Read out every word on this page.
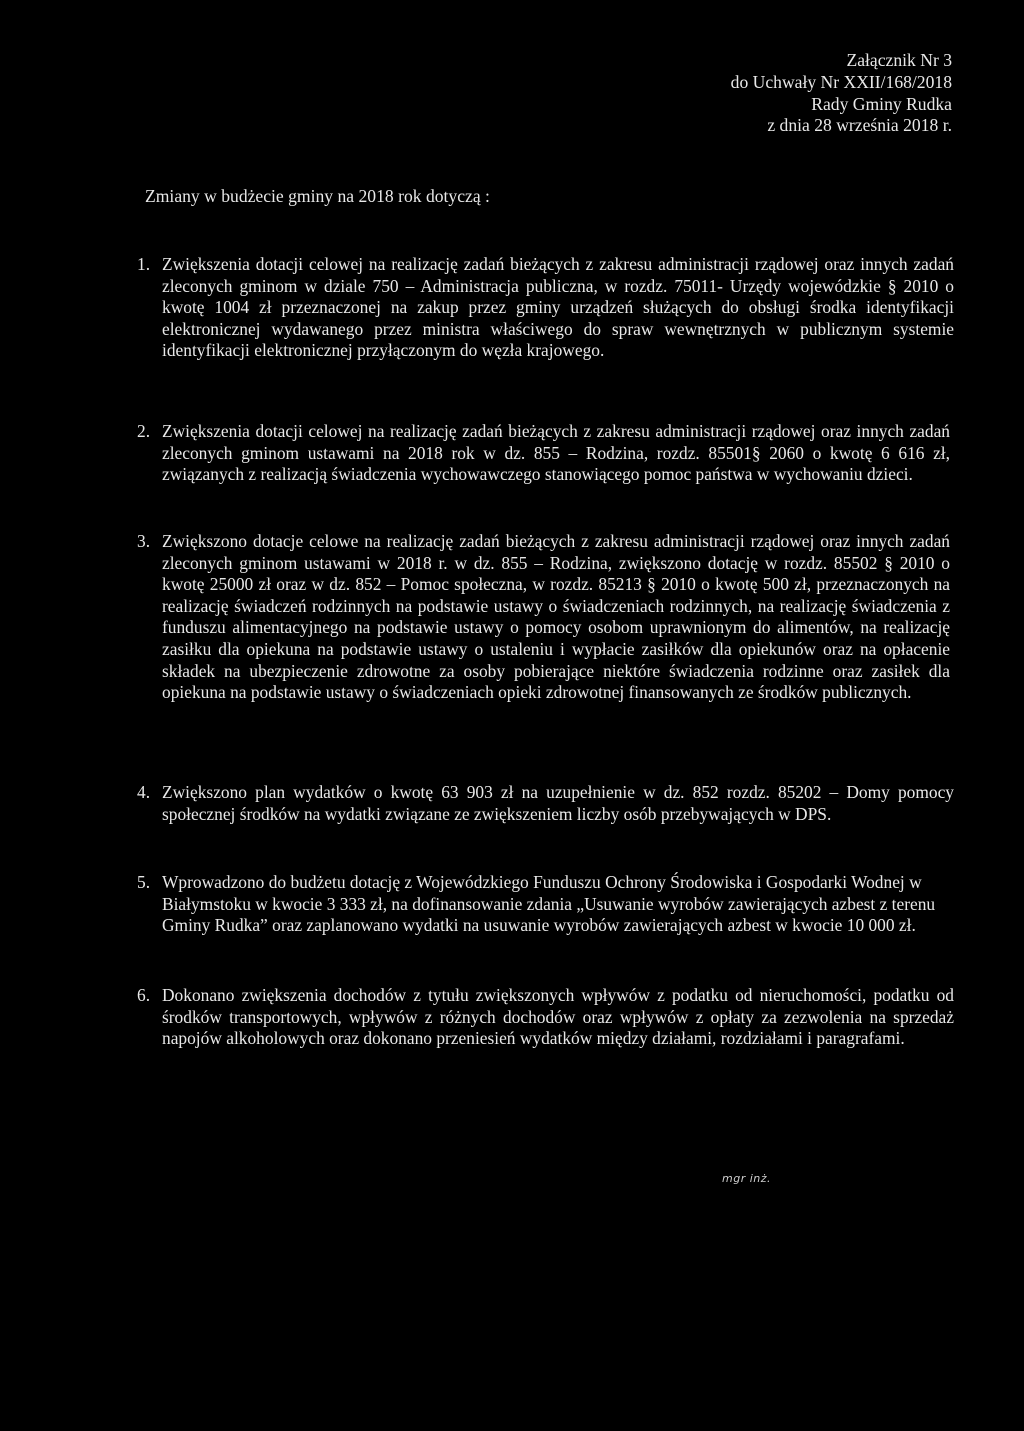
Załącznik Nr 3
do Uchwały Nr XXII/168/2018
Rady Gminy Rudka
z dnia 28 września 2018 r.
Zmiany w budżecie gminy na 2018 rok dotyczą :
1. Zwiększenia dotacji celowej na realizację zadań bieżących z zakresu administracji rządowej oraz innych zadań zleconych gminom w dziale 750 – Administracja publiczna, w rozdz. 75011- Urzędy wojewódzkie § 2010 o kwotę 1004 zł przeznaczonej na zakup przez gminy urządzeń służących do obsługi środka identyfikacji elektronicznej wydawanego przez ministra właściwego do spraw wewnętrznych w publicznym systemie identyfikacji elektronicznej przyłączonym do węzła krajowego.
2. Zwiększenia dotacji celowej na realizację zadań bieżących z zakresu administracji rządowej oraz innych zadań zleconych gminom ustawami na 2018 rok w dz. 855 – Rodzina, rozdz. 85501§ 2060 o kwotę 6 616 zł, związanych z realizacją świadczenia wychowawczego stanowiącego pomoc państwa w wychowaniu dzieci.
3. Zwiększono dotacje celowe na realizację zadań bieżących z zakresu administracji rządowej oraz innych zadań zleconych gminom ustawami w 2018 r. w dz. 855 – Rodzina, zwiększono dotację w rozdz. 85502 § 2010 o kwotę 25000 zł oraz w dz. 852 – Pomoc społeczna, w rozdz. 85213 § 2010 o kwotę 500 zł, przeznaczonych na realizację świadczeń rodzinnych na podstawie ustawy o świadczeniach rodzinnych, na realizację świadczenia z funduszu alimentacyjnego na podstawie ustawy o pomocy osobom uprawnionym do alimentów, na realizację zasiłku dla opiekuna na podstawie ustawy o ustaleniu i wypłacie zasiłków dla opiekunów oraz na opłacenie składek na ubezpieczenie zdrowotne za osoby pobierające niektóre świadczenia rodzinne oraz zasiłek dla opiekuna na podstawie ustawy o świadczeniach opieki zdrowotnej finansowanych ze środków publicznych.
4. Zwiększono plan wydatków o kwotę 63 903 zł na uzupełnienie w dz. 852 rozdz. 85202 – Domy pomocy społecznej środków na wydatki związane ze zwiększeniem liczby osób przebywających w DPS.
5. Wprowadzono do budżetu dotację z Wojewódzkiego Funduszu Ochrony Środowiska i Gospodarki Wodnej w Białymstoku w kwocie 3 333 zł, na dofinansowanie zdania „Usuwanie wyrobów zawierających azbest z terenu Gminy Rudka” oraz zaplanowano wydatki na usuwanie wyrobów zawierających azbest w kwocie 10 000 zł.
6. Dokonano zwiększenia dochodów z tytułu zwiększonych wpływów z podatku od nieruchomości, podatku od środków transportowych, wpływów z różnych dochodów oraz wpływów z opłaty za zezwolenia na sprzedaż napojów alkoholowych oraz dokonano przeniesień wydatków między działami, rozdziałami i paragrafami.
mgr inż.
